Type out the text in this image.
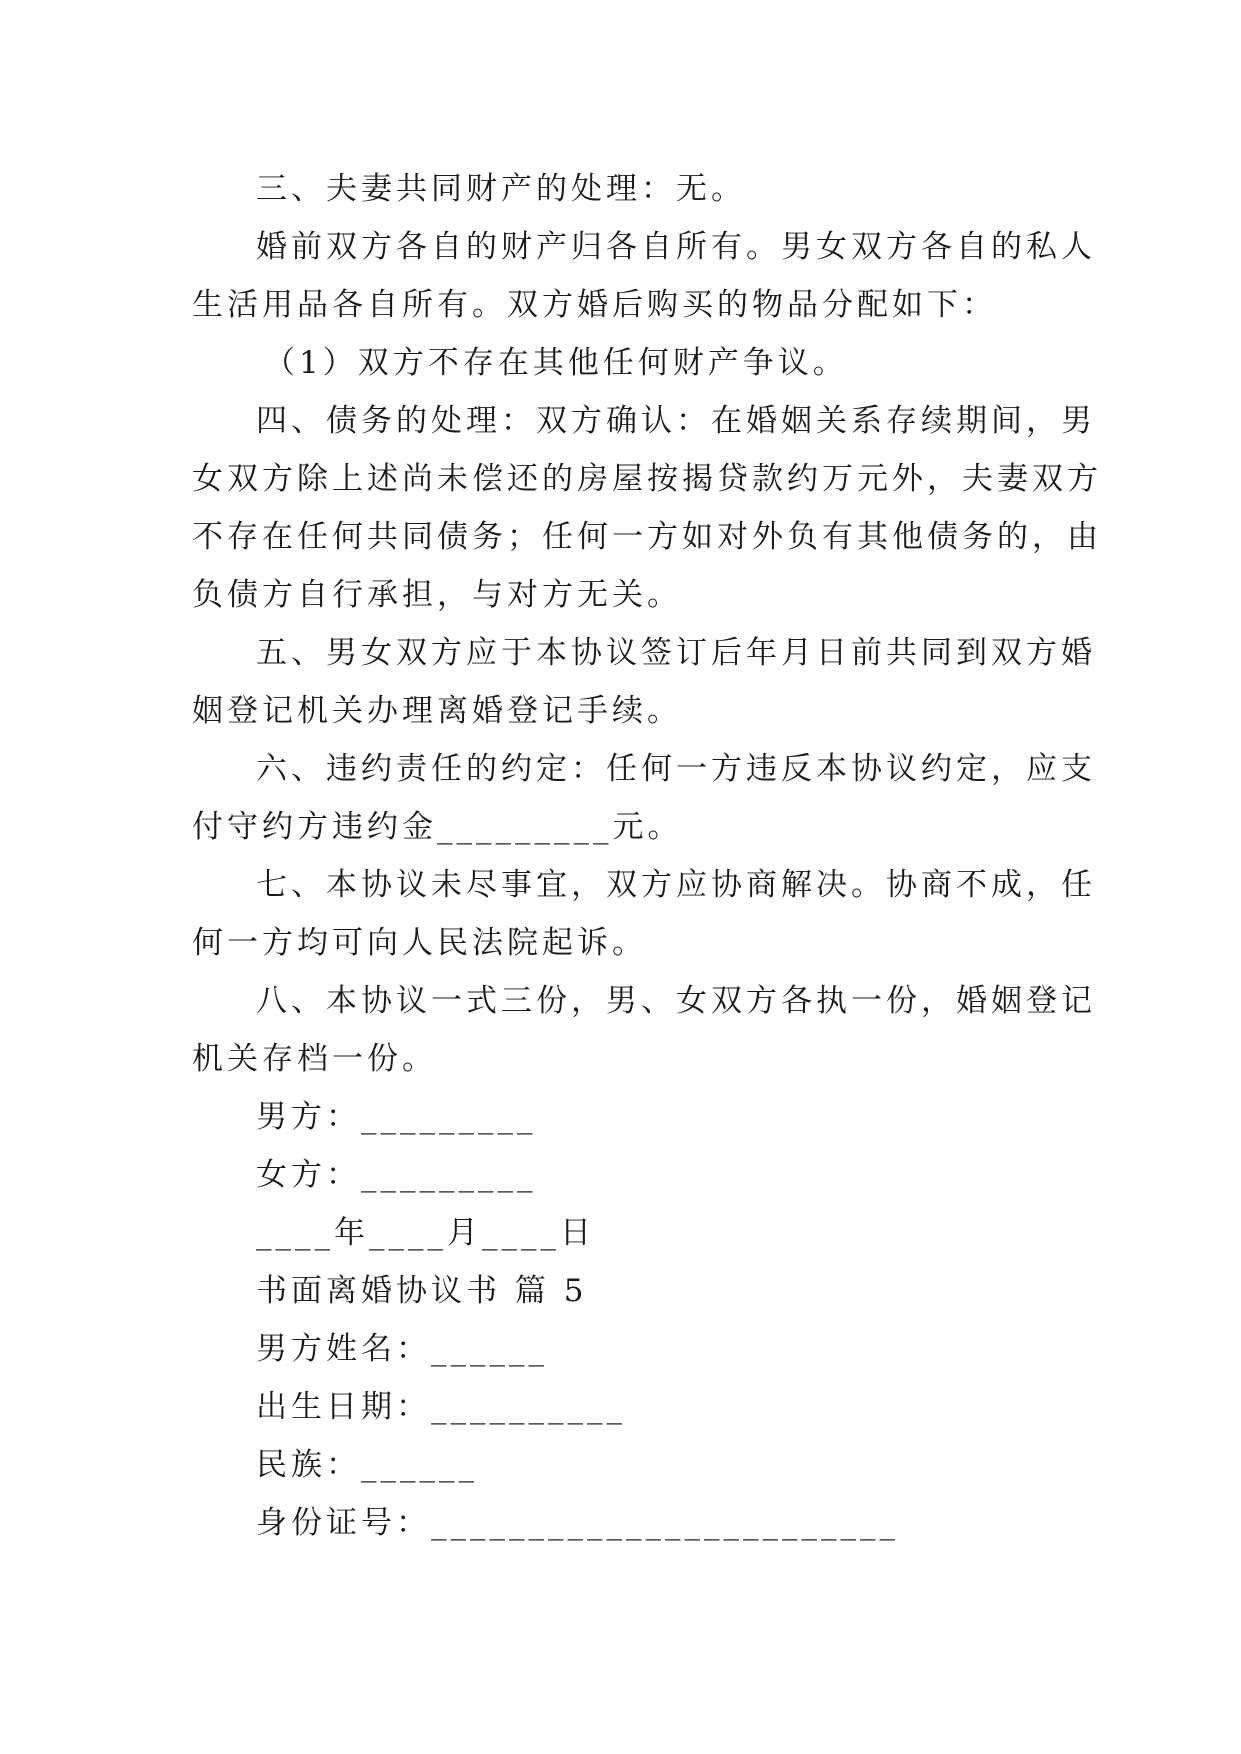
三、夫妻共同财产的处理：无。
婚前双方各自的财产归各自所有。男女双方各自的私人
生活用品各自所有。双方婚后购买的物品分配如下：
（1）双方不存在其他任何财产争议。
四、债务的处理：双方确认：在婚姻关系存续期间，男
女双方除上述尚未偿还的房屋按揭贷款约万元外，夫妻双方
不存在任何共同债务；任何一方如对外负有其他债务的，由
负债方自行承担，与对方无关。
五、男女双方应于本协议签订后年月日前共同到双方婚
姻登记机关办理离婚登记手续。
六、违约责任的约定：任何一方违反本协议约定，应支
付守约方违约金_________元。
七、本协议未尽事宜，双方应协商解决。协商不成，任
何一方均可向人民法院起诉。
八、本协议一式三份，男、女双方各执一份，婚姻登记
机关存档一份。
男方：_________
女方：_________
____年____月____日
书面离婚协议书 篇 5
男方姓名：______
出生日期：__________
民族：______
身份证号：________________________
